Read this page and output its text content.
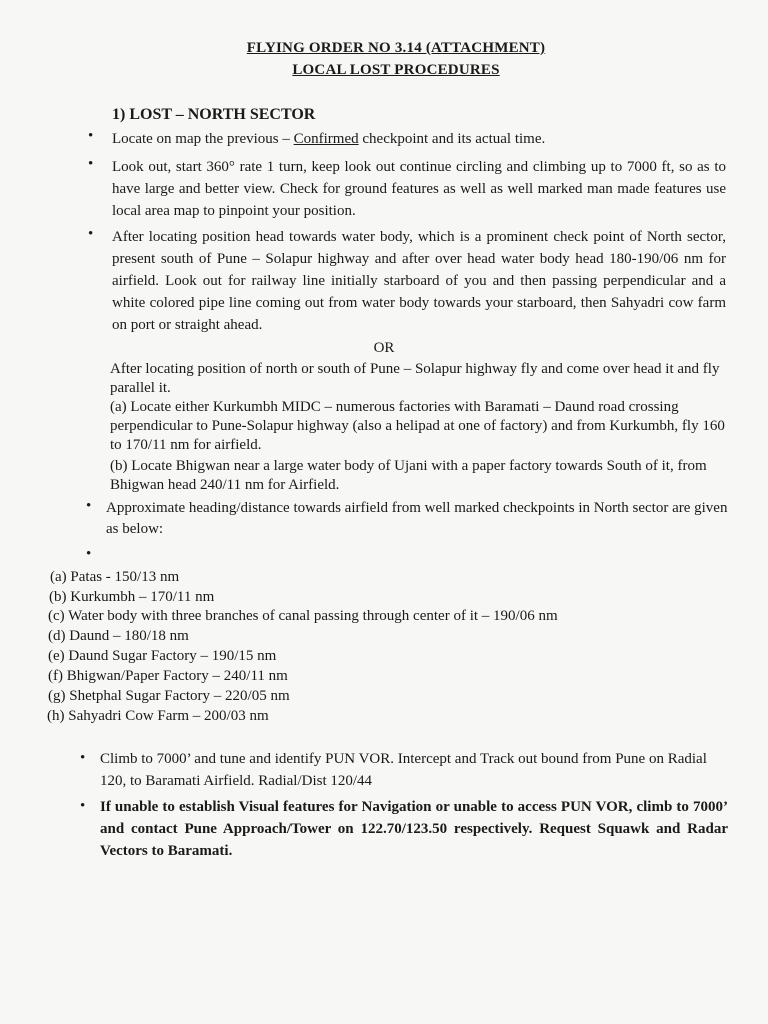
FLYING ORDER NO 3.14 (ATTACHMENT)
LOCAL LOST PROCEDURES
1) LOST – NORTH SECTOR
• Locate on map the previous – Confirmed checkpoint and its actual time.
• Look out, start 360° rate 1 turn, keep look out continue circling and climbing up to 7000 ft, so as to have large and better view. Check for ground features as well as well marked man made features use local area map to pinpoint your position.
• After locating position head towards water body, which is a prominent check point of North sector, present south of Pune – Solapur highway and after over head water body head 180-190/06 nm for airfield. Look out for railway line initially starboard of you and then passing perpendicular and a white colored pipe line coming out from water body towards your starboard, then Sahyadri cow farm on port or straight ahead.
OR
After locating position of north or south of Pune – Solapur highway fly and come over head it and fly parallel it.
(a) Locate either Kurkumbh MIDC – numerous factories with Baramati – Daund road crossing perpendicular to Pune-Solapur highway (also a helipad at one of factory) and from Kurkumbh, fly 160 to 170/11 nm for airfield.
(b) Locate Bhigwan near a large water body of Ujani with a paper factory towards South of it, from Bhigwan head 240/11 nm for Airfield.
• Approximate heading/distance towards airfield from well marked checkpoints in North sector are given as below:
•
(a) Patas - 150/13 nm
(b) Kurkumbh – 170/11 nm
(c) Water body with three branches of canal passing through center of it – 190/06 nm
(d) Daund – 180/18 nm
(e) Daund Sugar Factory – 190/15 nm
(f) Bhigwan/Paper Factory – 240/11 nm
(g) Shetphal Sugar Factory – 220/05 nm
(h) Sahyadri Cow Farm – 200/03 nm
• Climb to 7000’ and tune and identify PUN VOR. Intercept and Track out bound from Pune on Radial 120, to Baramati Airfield. Radial/Dist 120/44
• If unable to establish Visual features for Navigation or unable to access PUN VOR, climb to 7000’ and contact Pune Approach/Tower on 122.70/123.50 respectively. Request Squawk and Radar Vectors to Baramati.
